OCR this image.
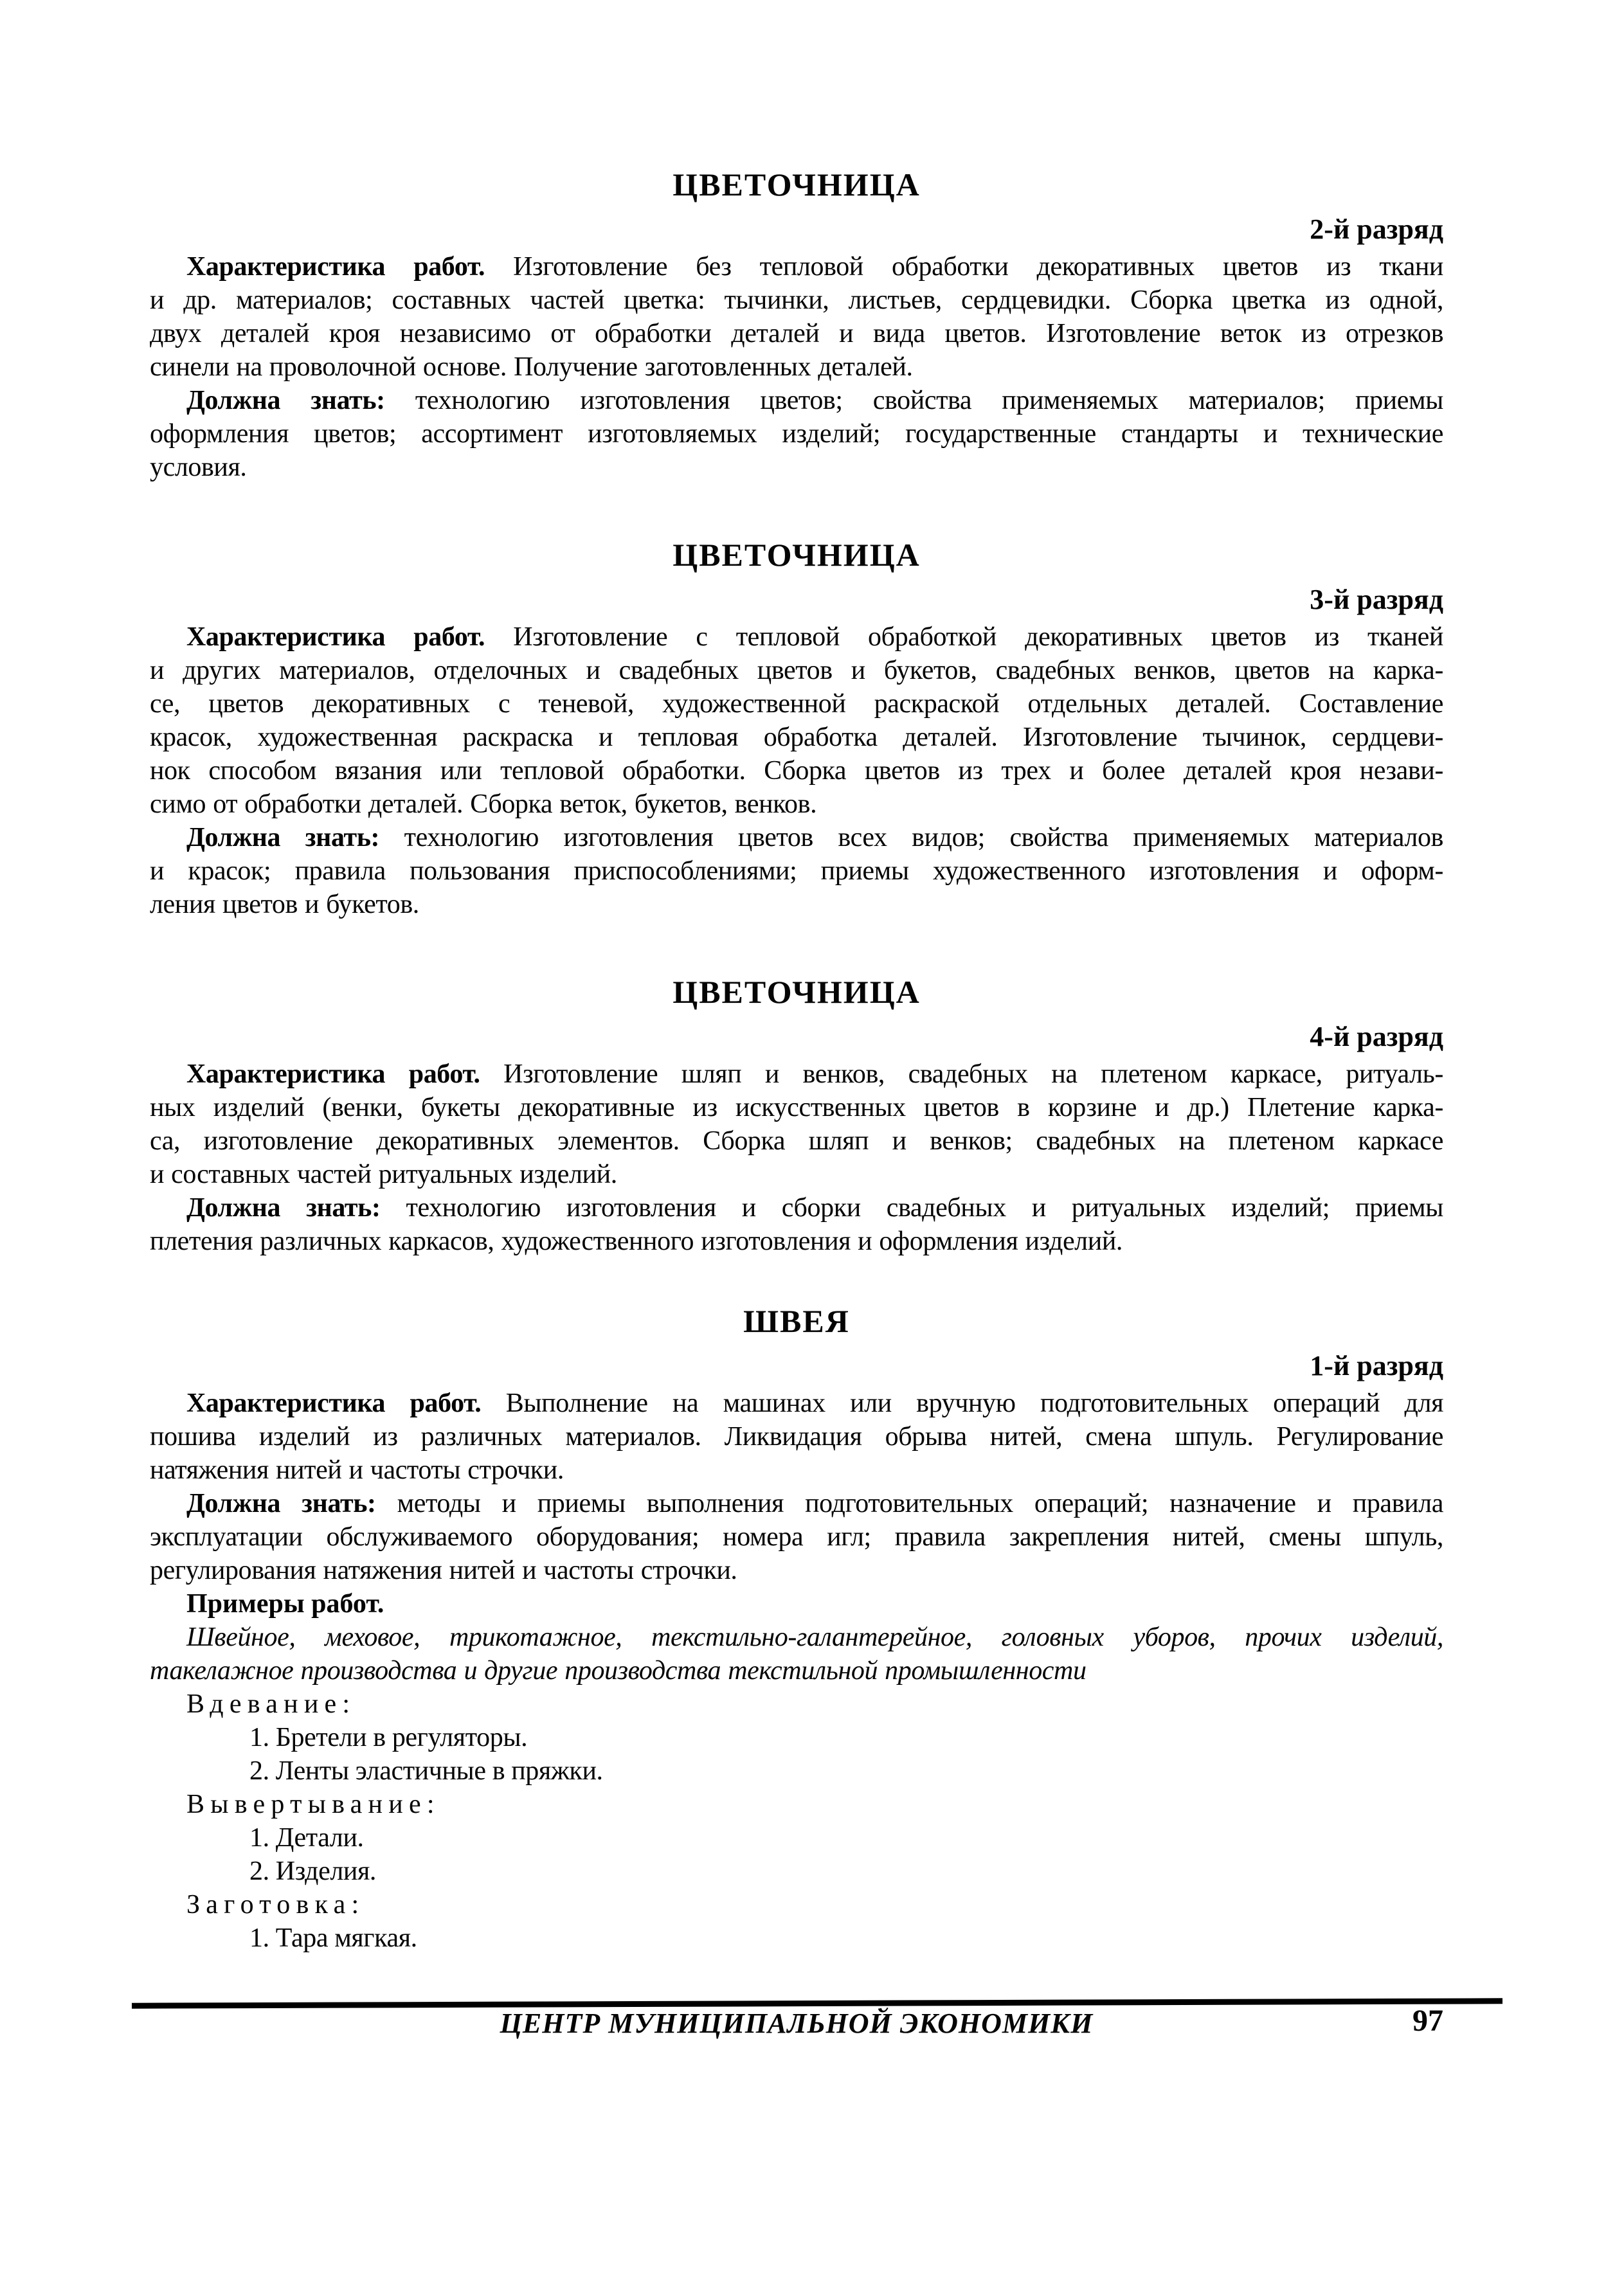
ЦВЕТОЧНИЦА
2-й разряд
Характеристика работ. Изготовление без тепловой обработки декоративных цветов из ткани
и др. материалов; составных частей цветка: тычинки, листьев, сердцевидки. Сборка цветка из одной,
двух деталей кроя независимо от обработки деталей и вида цветов. Изготовление веток из отрезков
синели на проволочной основе. Получение заготовленных деталей.
Должна знать: технологию изготовления цветов; свойства применяемых материалов; приемы
оформления цветов; ассортимент изготовляемых изделий; государственные стандарты и технические
условия.
ЦВЕТОЧНИЦА
3-й разряд
Характеристика работ. Изготовление с тепловой обработкой декоративных цветов из тканей
и других материалов, отделочных и свадебных цветов и букетов, свадебных венков, цветов на карка-
се, цветов декоративных с теневой, художественной раскраской отдельных деталей. Составление
красок, художественная раскраска и тепловая обработка деталей. Изготовление тычинок, сердцеви-
нок способом вязания или тепловой обработки. Сборка цветов из трех и более деталей кроя незави-
симо от обработки деталей. Сборка веток, букетов, венков.
Должна знать: технологию изготовления цветов всех видов; свойства применяемых материалов
и красок; правила пользования приспособлениями; приемы художественного изготовления и оформ-
ления цветов и букетов.
ЦВЕТОЧНИЦА
4-й разряд
Характеристика работ. Изготовление шляп и венков, свадебных на плетеном каркасе, ритуаль-
ных изделий (венки, букеты декоративные из искусственных цветов в корзине и др.) Плетение карка-
са, изготовление декоративных элементов. Сборка шляп и венков; свадебных на плетеном каркасе
и составных частей ритуальных изделий.
Должна знать: технологию изготовления и сборки свадебных и ритуальных изделий; приемы
плетения различных каркасов, художественного изготовления и оформления изделий.
ШВЕЯ
1-й разряд
Характеристика работ. Выполнение на машинах или вручную подготовительных операций для
пошива изделий из различных материалов. Ликвидация обрыва нитей, смена шпуль. Регулирование
натяжения нитей и частоты строчки.
Должна знать: методы и приемы выполнения подготовительных операций; назначение и правила
эксплуатации обслуживаемого оборудования; номера игл; правила закрепления нитей, смены шпуль,
регулирования натяжения нитей и частоты строчки.
Примеры работ.
Швейное, меховое, трикотажное, текстильно-галантерейное, головных уборов, прочих изделий,
такелажное производства и другие производства текстильной промышленности
Вдевание:
1. Бретели в регуляторы.
2. Ленты эластичные в пряжки.
Вывертывание:
1. Детали.
2. Изделия.
Заготовка:
1. Тара мягкая.
ЦЕНТР МУНИЦИПАЛЬНОЙ ЭКОНОМИКИ	97
